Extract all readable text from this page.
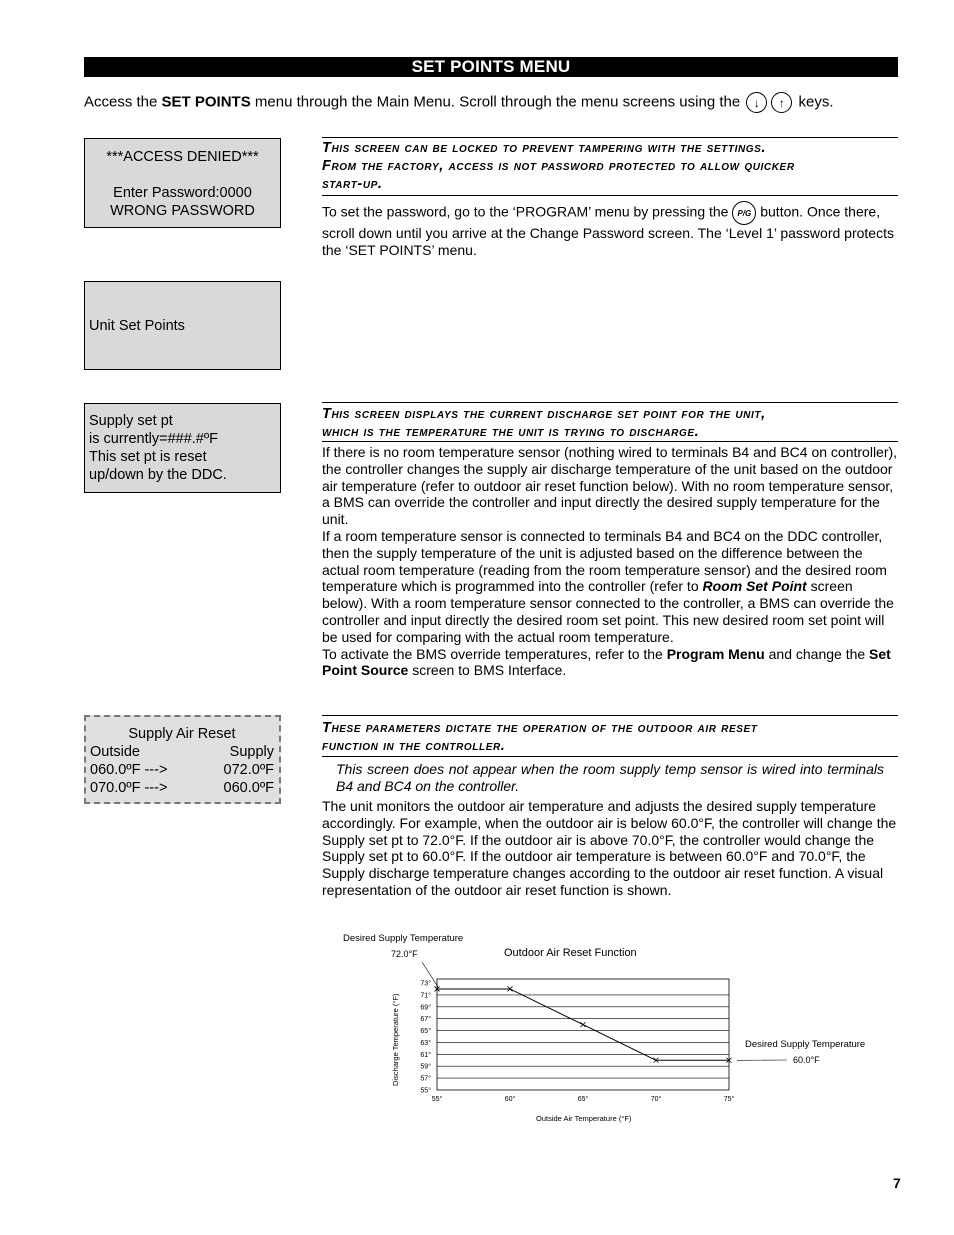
SET POINTS MENU
Access the SET POINTS menu through the Main Menu. Scroll through the menu screens using the ↓ ↑ keys.
***ACCESS DENIED***
Enter Password:0000
WRONG PASSWORD
Unit Set Points
Supply set pt
is currently=###.#ºF
This set pt is reset
up/down by the DDC.
Supply Air Reset
Outside	Supply
060.0ºF --->	072.0ºF
070.0ºF --->	060.0ºF
This screen can be locked to prevent tampering with the settings.
From the factory, access is not password protected to allow quicker
start-up.
To set the password, go to the ‘PROGRAM’ menu by pressing the P/G button. Once there, scroll down until you arrive at the Change Password screen. The ‘Level 1’ password protects the ‘SET POINTS’ menu.
This screen displays the current discharge set point for the unit,
which is the temperature the unit is trying to discharge.

If there is no room temperature sensor (nothing wired to terminals B4 and BC4 on controller), the controller changes the supply air discharge temperature of the unit based on the outdoor air temperature (refer to outdoor air reset function below). With no room temperature sensor, a BMS can override the controller and input directly the desired supply temperature for the unit.

If a room temperature sensor is connected to terminals B4 and BC4 on the DDC controller, then the supply temperature of the unit is adjusted based on the difference between the actual room temperature (reading from the room temperature sensor) and the desired room temperature which is programmed into the controller (refer to Room Set Point screen below). With a room temperature sensor connected to the controller, a BMS can override the controller and input directly the desired room set point. This new desired room set point will be used for comparing with the actual room temperature.

To activate the BMS override temperatures, refer to the Program Menu and change the Set Point Source screen to BMS Interface.

These parameters dictate the operation of the outdoor air reset
function in the controller.
This screen does not appear when the room supply temp sensor is wired into terminals B4 and BC4 on the controller.
The unit monitors the outdoor air temperature and adjusts the desired supply temperature accordingly. For example, when the outdoor air is below 60.0°F, the controller will change the Supply set pt to 72.0°F. If the outdoor air is above 70.0°F, the controller would change the Supply set pt to 60.0°F. If the outdoor air temperature is between 60.0°F and 70.0°F, the Supply discharge temperature changes according to the outdoor air reset function. A visual representation of the outdoor air reset function is shown.
Desired Supply Temperature
72.0°F	Outdoor Air Reset Function
Desired Supply Temperature
60.0°F
Discharge Temperature (°F)
Outside Air Temperature (°F)
73°
71°
69°
67°
65°
63°
61°
59°
57°
55°
55°	60°	65°	70°	75°
7
